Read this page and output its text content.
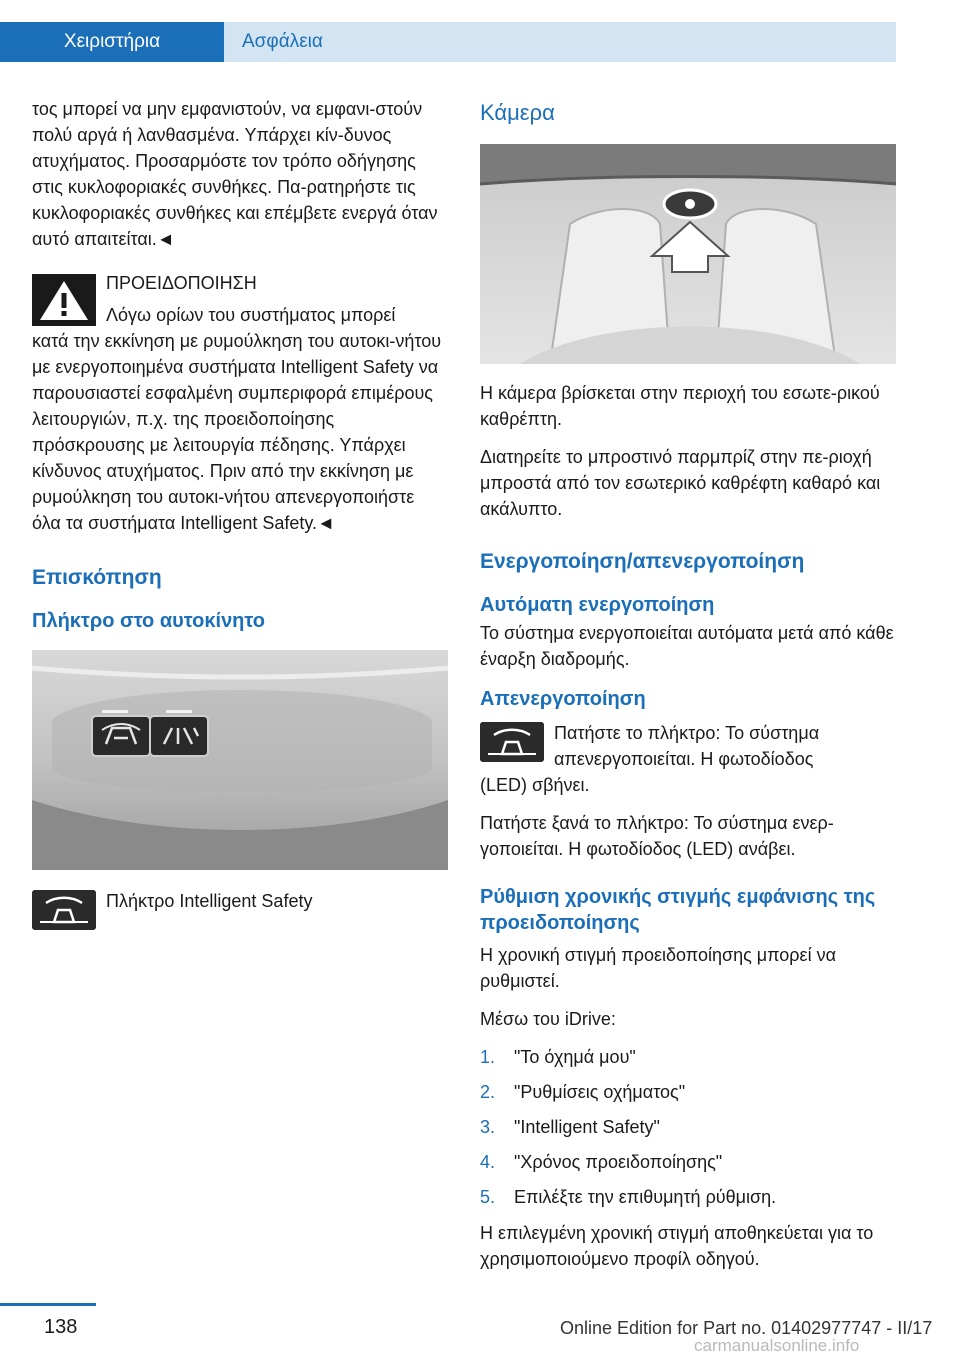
Χειριστήρια	Ασφάλεια

τος μπορεί να μην εμφανιστούν, να εμφανι-στούν πολύ αργά ή λανθασμένα. Υπάρχει κίν-δυνος ατυχήματος. Προσαρμόστε τον τρόπο οδήγησης στις κυκλοφοριακές συνθήκες. Πα-ρατηρήστε τις κυκλοφοριακές συνθήκες και επέμβετε ενεργά όταν αυτό απαιτείται.◄

ΠΡΟΕΙΔΟΠΟΙΗΣΗ

Λόγω ορίων του συστήματος μπορεί

κατά την εκκίνηση με ρυμούλκηση του αυτοκι-νήτου με ενεργοποιημένα συστήματα Intelligent Safety να παρουσιαστεί εσφαλμένη συμπεριφορά επιμέρους λειτουργιών, π.χ. της προειδοποίησης πρόσκρουσης με λειτουργία πέδησης. Υπάρχει κίνδυνος ατυχήματος. Πριν από την εκκίνηση με ρυμούλκηση του αυτοκι-νήτου απενεργοποιήστε όλα τα συστήματα Intelligent Safety.◄

Επισκόπηση
Πλήκτρο στο αυτοκίνητο
Πλήκτρο Intelligent Safety
Κάμερα

Η κάμερα βρίσκεται στην περιοχή του εσωτε-ρικού καθρέπτη.

Διατηρείτε το μπροστινό παρμπρίζ στην πε-ριοχή μπροστά από τον εσωτερικό καθρέφτη καθαρό και ακάλυπτο.

Ενεργοποίηση/απενεργοποίηση
Αυτόματη ενεργοποίηση

Το σύστημα ενεργοποιείται αυτόματα μετά από κάθε έναρξη διαδρομής.

Απενεργοποίηση
Πατήστε το πλήκτρο: Το σύστημα απενεργοποιείται. Η φωτοδίοδος

(LED) σβήνει.

Πατήστε ξανά το πλήκτρο: Το σύστημα ενερ-γοποιείται. Η φωτοδίοδος (LED) ανάβει.

Ρύθμιση χρονικής στιγμής εμφάνισης της προειδοποίησης

Η χρονική στιγμή προειδοποίησης μπορεί να ρυθμιστεί.

Μέσω του iDrive:

1. "Το όχημά μου"
2. "Ρυθμίσεις οχήματος"
3. "Intelligent Safety"
4. "Χρόνος προειδοποίησης"
5. Επιλέξτε την επιθυμητή ρύθμιση.

Η επιλεγμένη χρονική στιγμή αποθηκεύεται για το χρησιμοποιούμενο προφίλ οδηγού.

138	Online Edition for Part no. 01402977747 - II/17
carmanualsonline.info
